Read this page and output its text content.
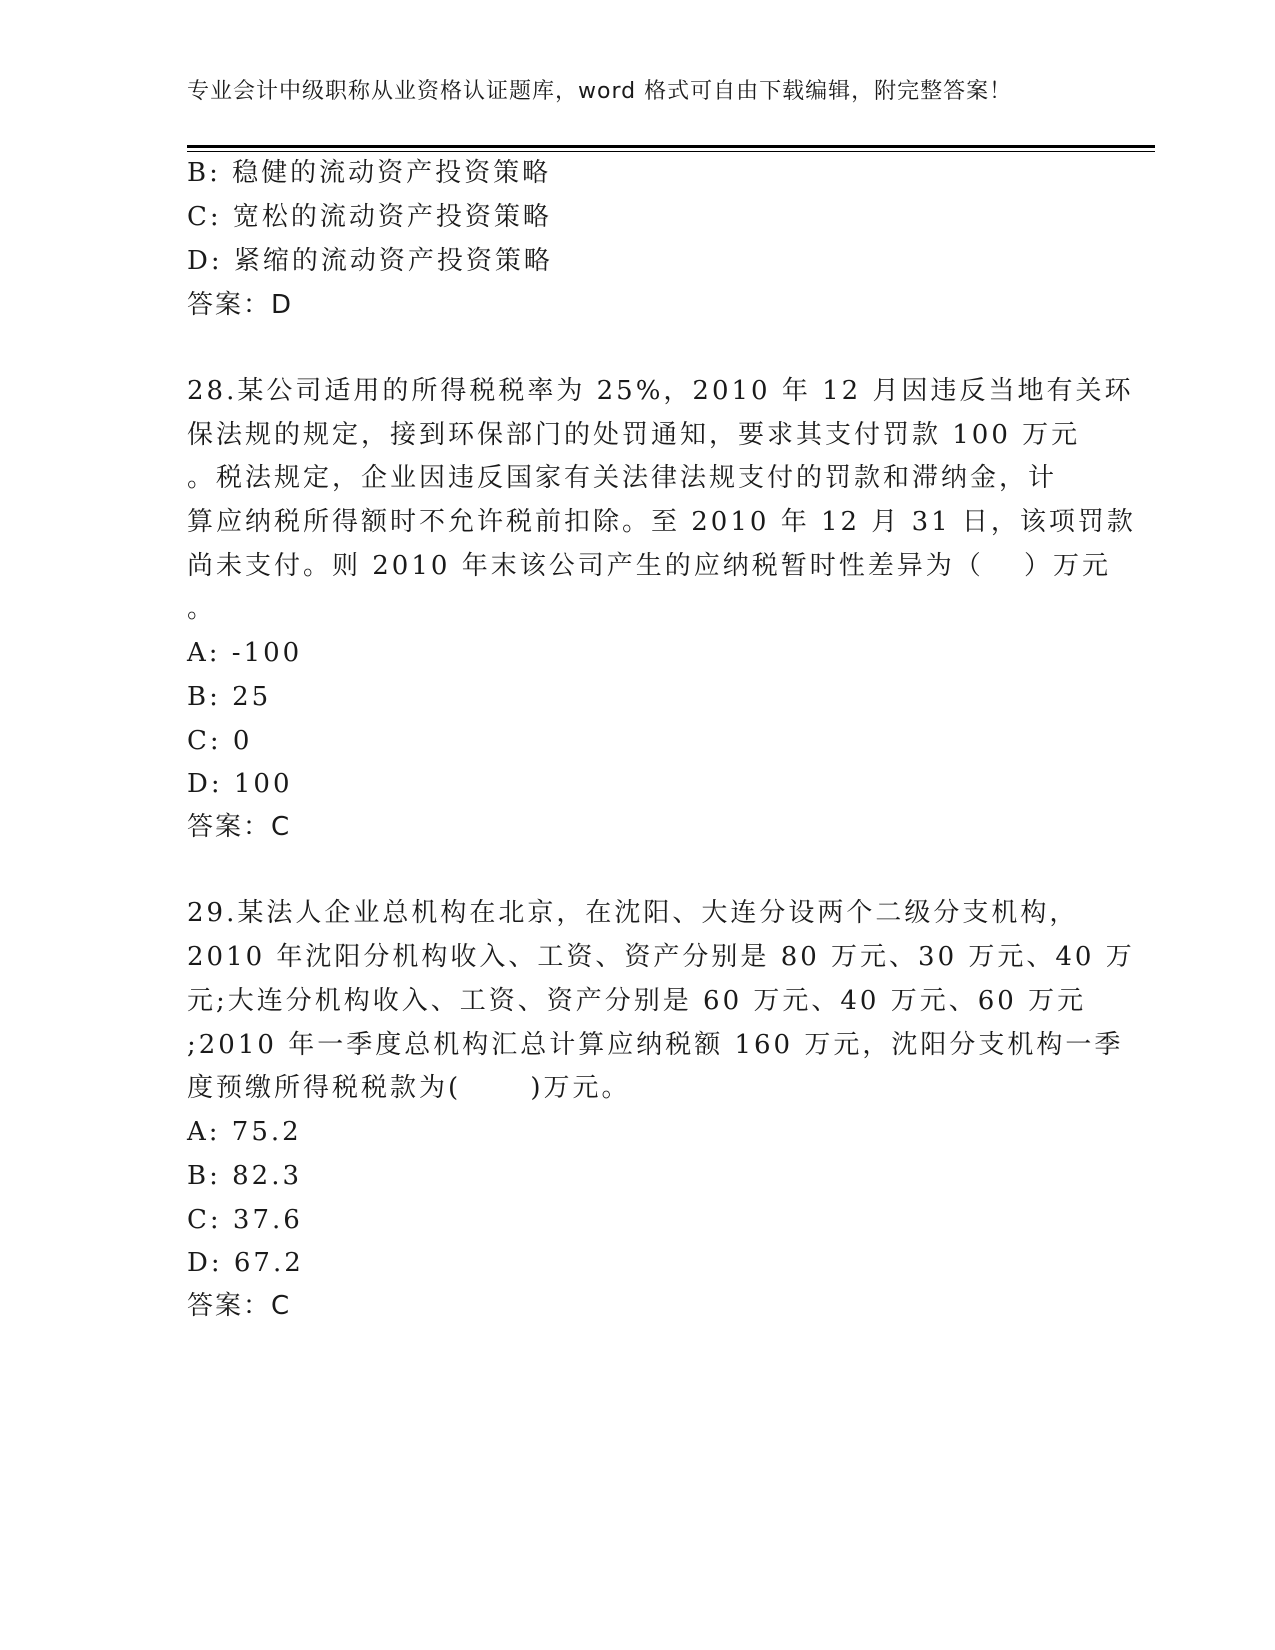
专业会计中级职称从业资格认证题库，word 格式可自由下载编辑，附完整答案！
B: 稳健的流动资产投资策略
C: 宽松的流动资产投资策略
D: 紧缩的流动资产投资策略
答案：D
28.某公司适用的所得税税率为 25%，2010 年 12 月因违反当地有关环
保法规的规定，接到环保部门的处罚通知，要求其支付罚款 100 万元
。税法规定，企业因违反国家有关法律法规支付的罚款和滞纳金，计
算应纳税所得额时不允许税前扣除。至 2010 年 12 月 31 日，该项罚款
尚未支付。则 2010 年末该公司产生的应纳税暂时性差异为（　 ）万元
。
A: -100
B: 25
C: 0
D: 100
答案：C
29.某法人企业总机构在北京，在沈阳、大连分设两个二级分支机构，
2010 年沈阳分机构收入、工资、资产分别是 80 万元、30 万元、40 万
元;大连分机构收入、工资、资产分别是 60 万元、40 万元、60 万元
;2010 年一季度总机构汇总计算应纳税额 160 万元，沈阳分支机构一季
度预缴所得税税款为(　　 )万元。
A: 75.2
B: 82.3
C: 37.6
D: 67.2
答案：C
